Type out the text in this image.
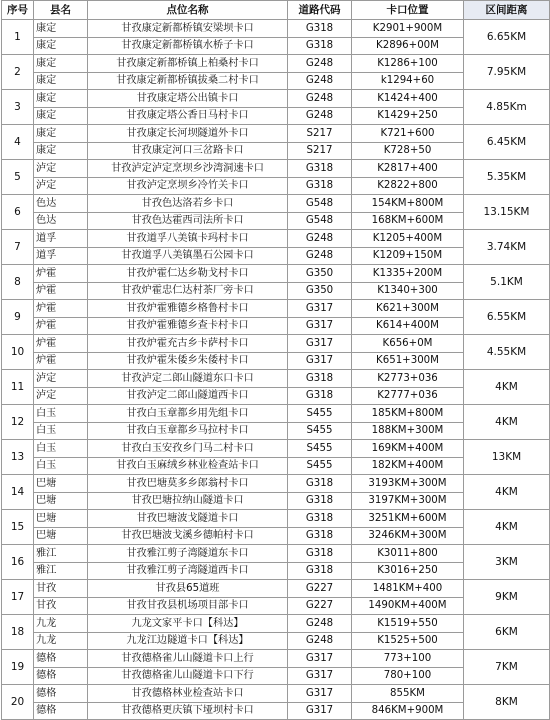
序号	县名	点位名称	道路代码	卡口位置	区间距离
1	康定	甘孜康定新都桥镇安梁坝卡口	G318	K2901+900M	6.65KM
	康定	甘孜康定新都桥镇水桥子卡口	G318	K2896+00M	
2	康定	甘孜康定新都桥镇上柏桑村卡口	G248	K1286+100	7.95KM
	康定	甘孜康定新都桥镇拔桑二村卡口	G248	k1294+60	
3	康定	甘孜康定塔公出镇卡口	G248	K1424+400	4.85Km
	康定	甘孜康定塔公香日马村卡口	G248	K1429+250	
4	康定	甘孜康定长河坝隧道外卡口	S217	K721+600	6.45KM
	康定	甘孜康定河口三岔路卡口	S217	K728+50	
5	泸定	甘孜泸定泸定烹坝乡沙湾洞速卡口	G318	K2817+400	5.35KM
	泸定	甘孜泸定烹坝乡冷竹关卡口	G318	K2822+800	
6	色达	甘孜色达洛若乡卡口	G548	154KM+800M	13.15KM
	色达	甘孜色达霍西司法所卡口	G548	168KM+600M	
7	道孚	甘孜道孚八美镇卡玛村卡口	G248	K1205+400M	3.74KM
	道孚	甘孜道孚八美镇墨石公园卡口	G248	K1209+150M	
8	炉霍	甘孜炉霍仁达乡勒戈村卡口	G350	K1335+200M	5.1KM
	炉霍	甘孜炉霍忠仁达村茶厂旁卡口	G350	K1340+300	
9	炉霍	甘孜炉霍雅德乡格鲁村卡口	G317	K621+300M	6.55KM
	炉霍	甘孜炉霍雅德乡查卡村卡口	G317	K614+400M	
10	炉霍	甘孜炉霍充古乡卡萨村卡口	G317	K656+0M	4.55KM
	炉霍	甘孜炉霍朱倭乡朱倭村卡口	G317	K651+300M	
11	泸定	甘孜泸定二郎山隧道东口卡口	G318	K2773+036	4KM
	泸定	甘孜泸定二郎山隧道西卡口	G318	K2777+036	
12	白玉	甘孜白玉章都乡用先组卡口	S455	185KM+800M	4KM
	白玉	甘孜白玉章都乡马拉村卡口	S455	188KM+300M	
13	白玉	甘孜白玉安孜乡门马二村卡口	S455	169KM+400M	13KM
	白玉	甘孜白玉麻绒乡林业检查站卡口	S455	182KM+400M	
14	巴塘	甘孜巴塘莫多乡郎翁村卡口	G318	3193KM+300M	4KM
	巴塘	甘孜巴塘拉纳山隧道卡口	G318	3197KM+300M	
15	巴塘	甘孜巴塘波戈隧道卡口	G318	3251KM+600M	4KM
	巴塘	甘孜巴塘波戈溪乡德帕村卡口	G318	3246KM+300M	
16	雅江	甘孜雅江剪子湾隧道东卡口	G318	K3011+800	3KM
	雅江	甘孜雅江剪子湾隧道西卡口	G318	K3016+250	
17	甘孜	甘孜县65道班	G227	1481KM+400	9KM
	甘孜	甘孜甘孜县机场项目部卡口	G227	1490KM+400M	
18	九龙	九龙文家平卡口【科达】	G248	K1519+550	6KM
	九龙	九龙江边隧道卡口【科达】	G248	K1525+500	
19	德格	甘孜德格雀儿山隧道卡口上行	G317	773+100	7KM
	德格	甘孜德格雀儿山隧道卡口下行	G317	780+100	
20	德格	甘孜德格林业检查站卡口	G317	855KM	8KM
	德格	甘孜德格更庆镇下垭坝村卡口	G317	846KM+900M	
